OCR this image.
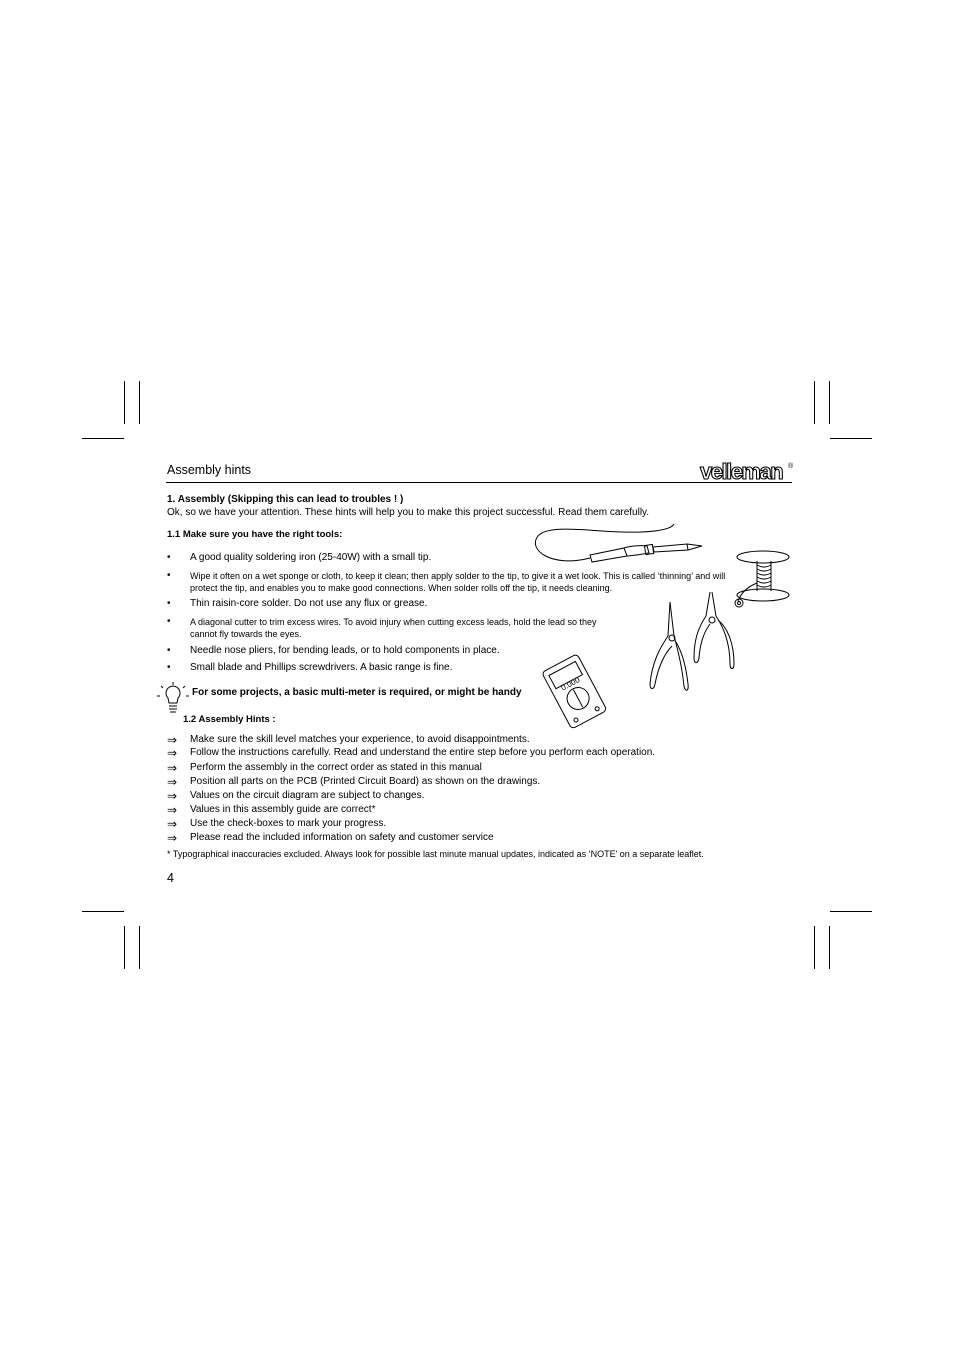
Assembly hints	velleman ®
1. Assembly (Skipping this can lead to troubles ! )
Ok, so we have your attention. These hints will help you to make this project successful. Read them carefully.
1.1 Make sure you have the right tools:
• A good quality soldering iron (25-40W) with a small tip.
• Wipe it often on a wet sponge or cloth, to keep it clean; then apply solder to the tip, to give it a wet look. This is called ‘thinning’ and will
protect the tip, and enables you to make good connections. When solder rolls off the tip, it needs cleaning.
• Thin raisin-core solder. Do not use any flux or grease.
• A diagonal cutter to trim excess wires. To avoid injury when cutting excess leads, hold the lead so they
cannot fly towards the eyes.
• Needle nose pliers, for bending leads, or to hold components in place.
• Small blade and Phillips screwdrivers. A basic range is fine.
For some projects, a basic multi-meter is required, or might be handy	0.000
1.2 Assembly Hints :
⇒ Make sure the skill level matches your experience, to avoid disappointments.
⇒ Follow the instructions carefully. Read and understand the entire step before you perform each operation.
⇒ Perform the assembly in the correct order as stated in this manual
⇒ Position all parts on the PCB (Printed Circuit Board) as shown on the drawings.
⇒ Values on the circuit diagram are subject to changes.
⇒ Values in this assembly guide are correct*
⇒ Use the check-boxes to mark your progress.
⇒ Please read the included information on safety and customer service
* Typographical inaccuracies excluded. Always look for possible last minute manual updates, indicated as ‘NOTE’ on a separate leaflet.
4
